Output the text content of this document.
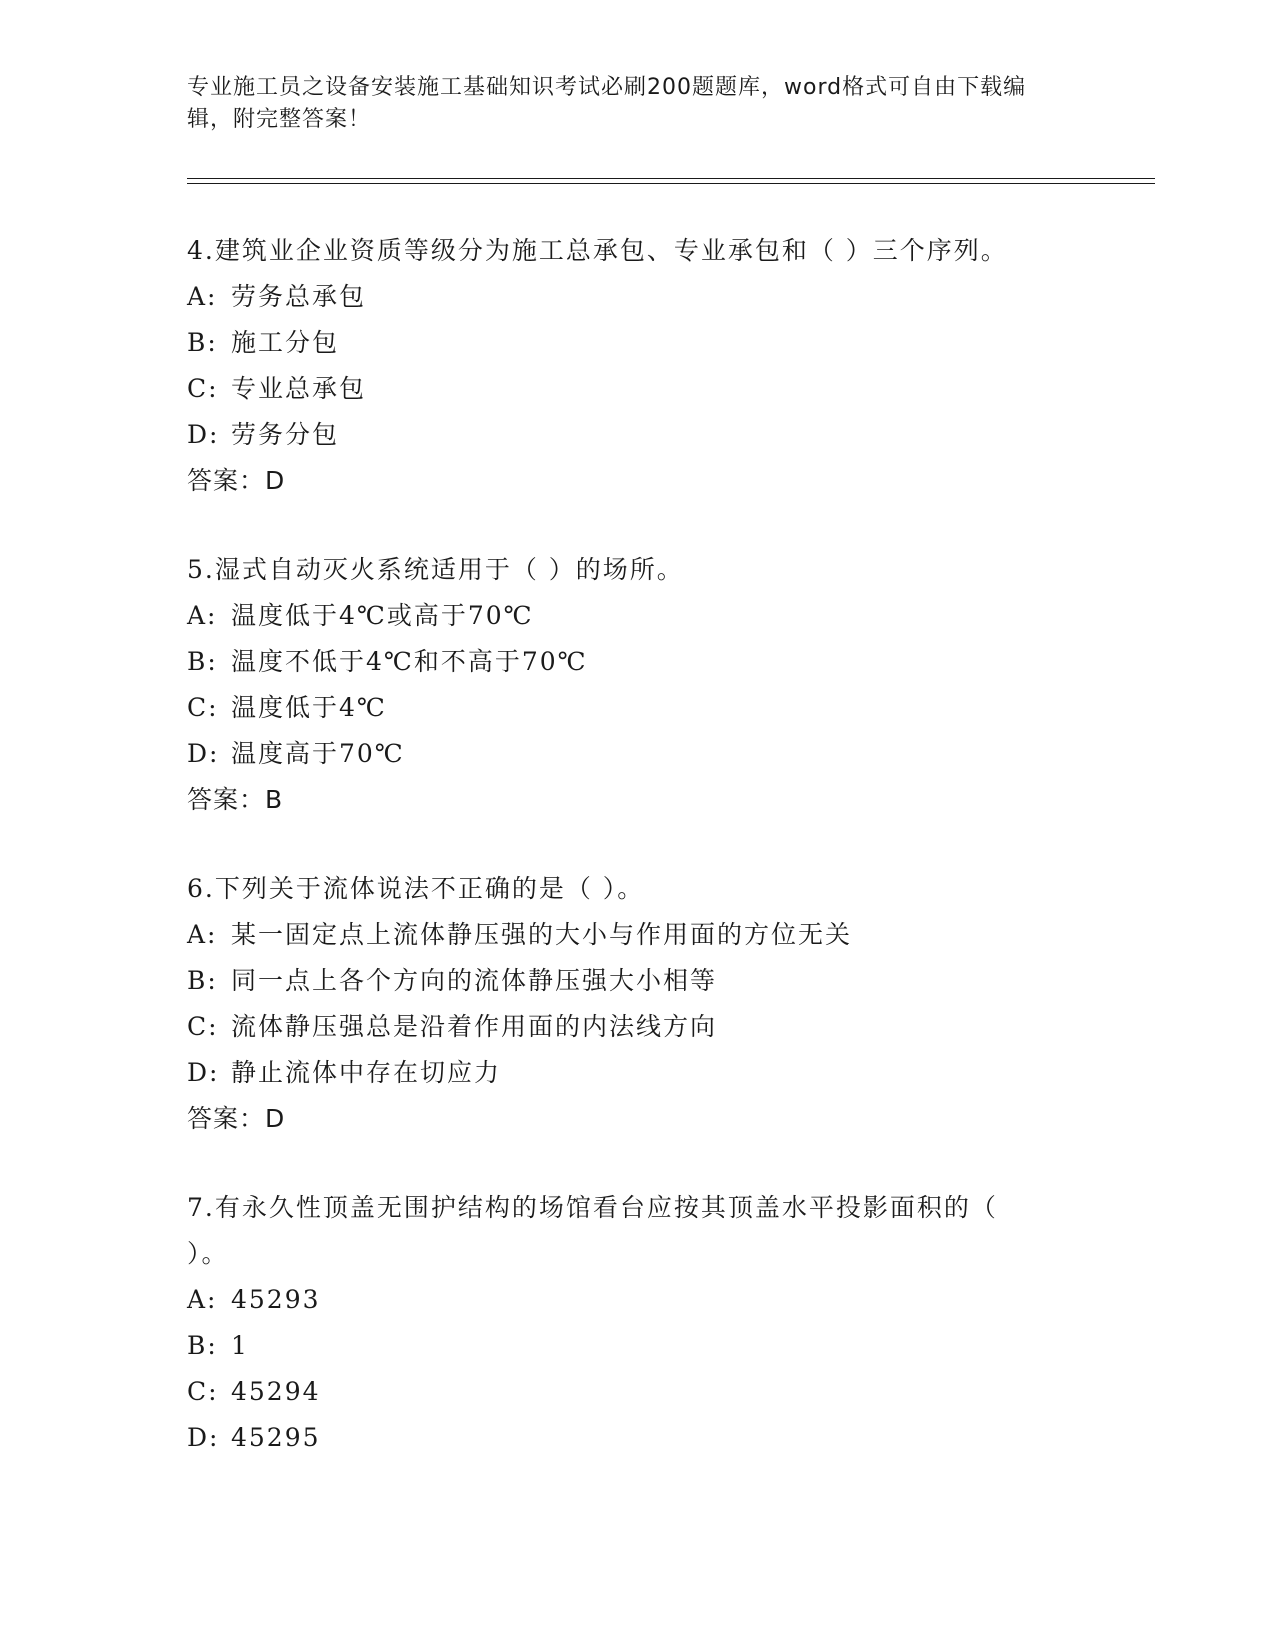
专业施工员之设备安装施工基础知识考试必刷200题题库，word格式可自由下载编辑，附完整答案！
4.建筑业企业资质等级分为施工总承包、专业承包和（ ）三个序列。
A: 劳务总承包
B: 施工分包
C: 专业总承包
D: 劳务分包
答案：D
5.湿式自动灭火系统适用于（ ）的场所。
A: 温度低于4℃或高于70℃
B: 温度不低于4℃和不高于70℃
C: 温度低于4℃
D: 温度高于70℃
答案：B
6.下列关于流体说法不正确的是（ ）。
A: 某一固定点上流体静压强的大小与作用面的方位无关
B: 同一点上各个方向的流体静压强大小相等
C: 流体静压强总是沿着作用面的内法线方向
D: 静止流体中存在切应力
答案：D
7.有永久性顶盖无围护结构的场馆看台应按其顶盖水平投影面积的（ ）。
A: 45293
B: 1
C: 45294
D: 45295
